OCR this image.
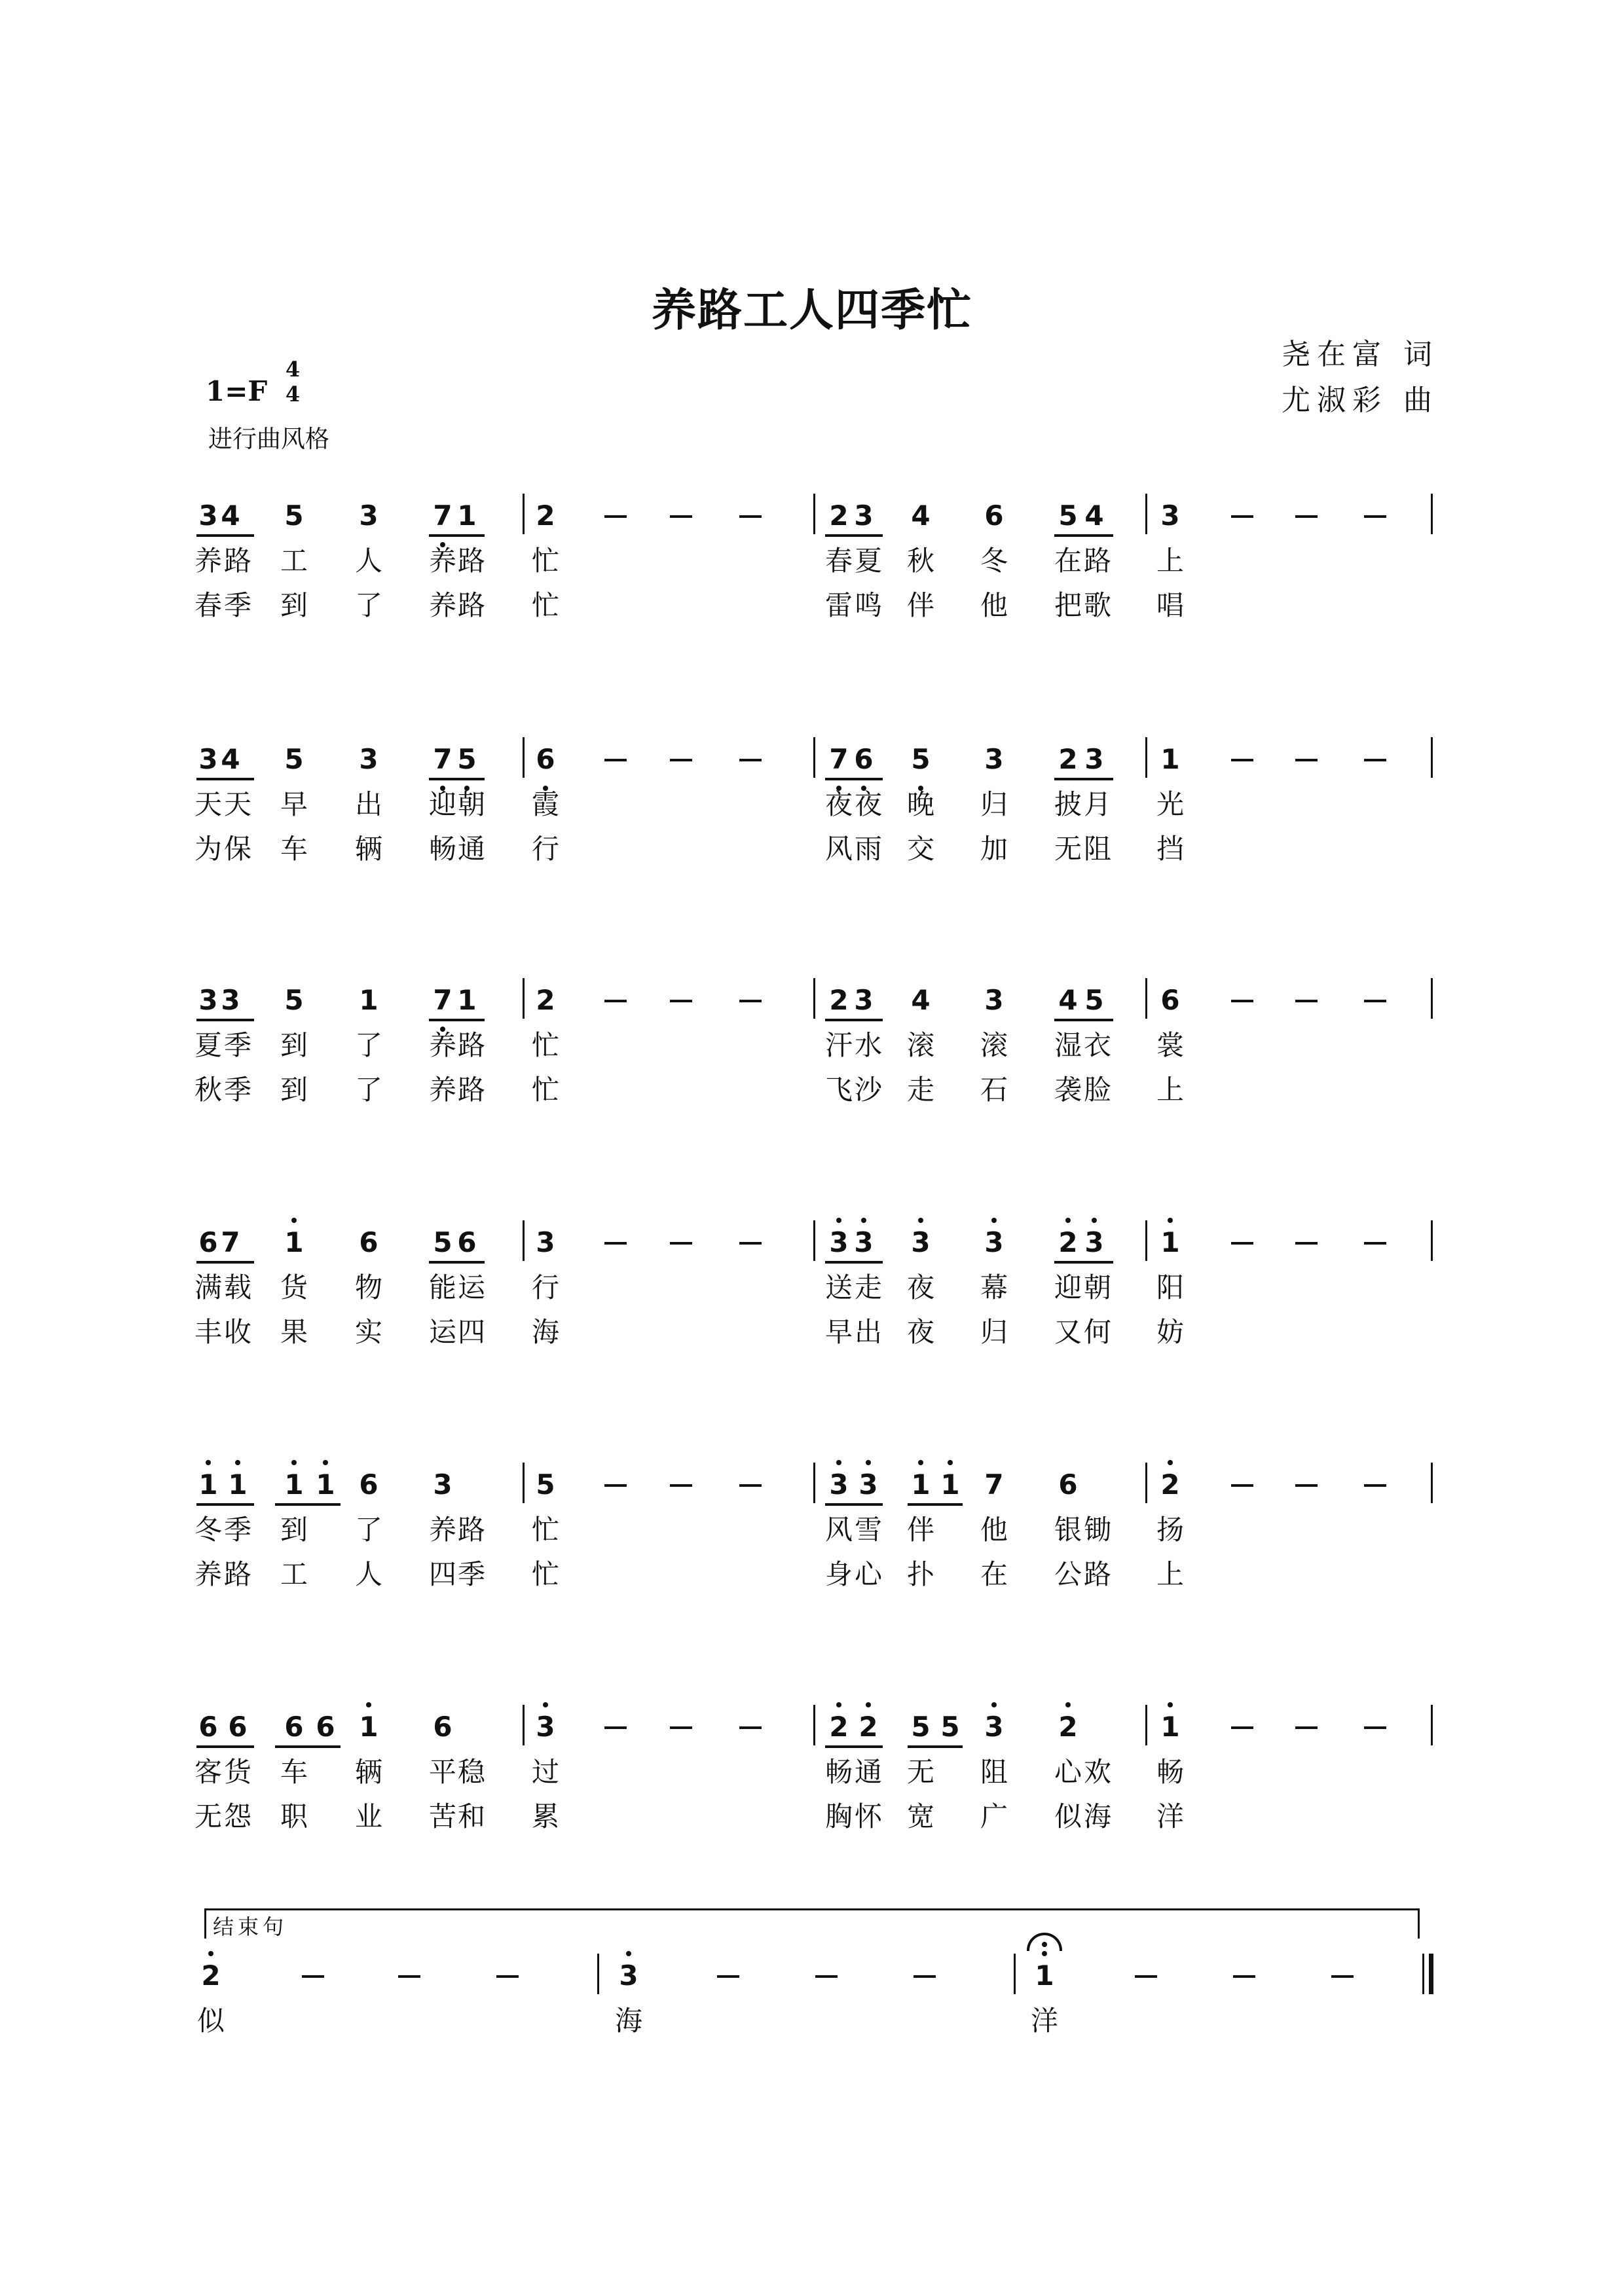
养路工人四季忙
尧在富 词
尤淑彩 曲
1=F
4
4
进行曲风格
3 4	5	3	7 1	2	2 3	4	6	5 4	3
养 路 工 人 养 路 忙	春 夏 秋 冬 在 路 上
春 季 到 了 养 路 忙	雷 鸣 伴 他 把 歌 唱
3 4	5	3	7 5	6	7 6	5	3	2 3	1
天 天 早 出 迎 朝 霞	夜 夜 晚 归 披 月 光
为 保 车 辆 畅 通 行	风 雨 交 加 无 阻 挡
3 3	5	1	7 1	2	2 3	4	3	4 5	6
夏 季 到 了 养 路 忙	汗 水 滚 滚 湿 衣 裳
秋 季 到 了 养 路 忙	飞 沙 走 石 袭 脸 上
6 7	1	6	5 6	3	3 3	3	3	2 3	1
满 载 货 物 能 运 行	送 走 夜 幕 迎 朝 阳
丰 收 果 实 运 四 海	早 出 夜 归 又 何 妨
1 1	1 1 6	3	5	3 3	1 1 7	6	2
冬 季 到 了 养 路 忙	风 雪 伴 他 银 锄 扬
养 路 工 人 四 季 忙	身 心 扑 在 公 路 上
6 6	6 6 1	6	3	2 2	5 5 3	2	1
客 货 车 辆 平 稳 过	畅 通 无 阻 心 欢 畅
无 怨 职 业 苦 和 累	胸 怀 宽 广 似 海 洋
结束句
2	3	1
似	海	洋
